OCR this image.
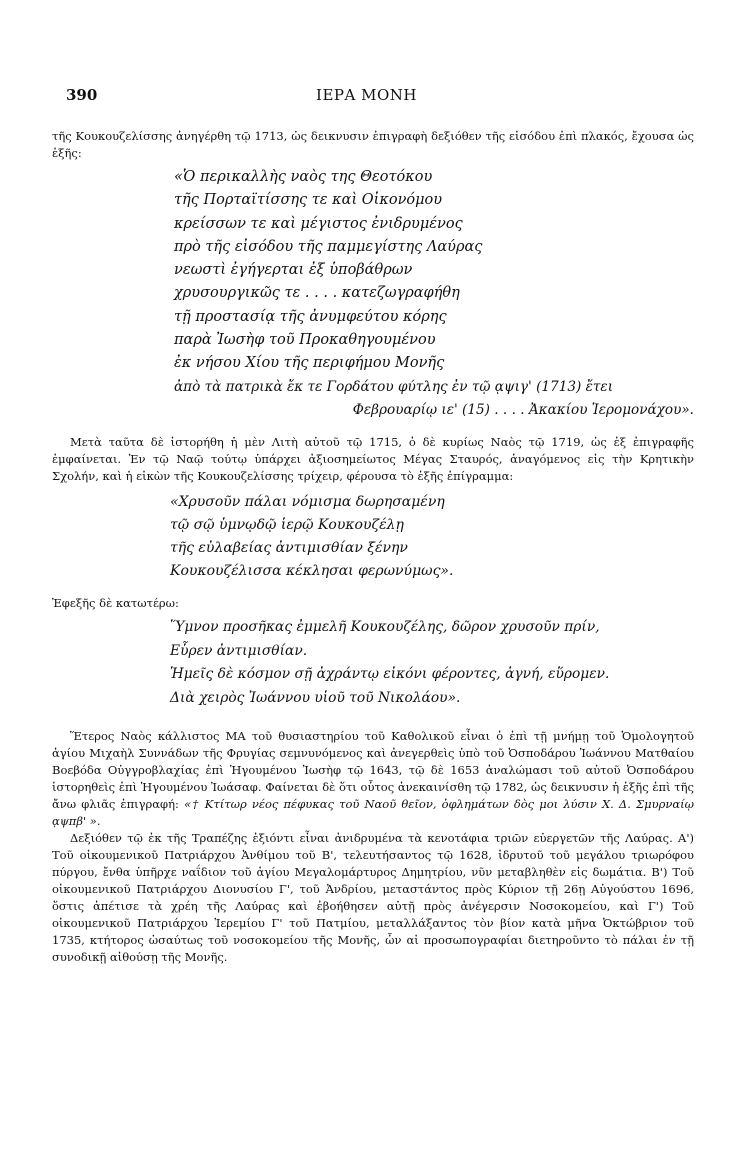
390	ΙΕΡΑ ΜΟΝΗ

τῆς Κουκουζελίσσης ἀνηγέρθη τῷ 1713, ὡς δεικνυσιν ἐπιγραφὴ δεξιόθεν τῆς εἰσόδου ἐπὶ πλακός, ἔχουσα ὡς ἑξῆς:

«Ὁ περικαλλὴς ναὸς της Θεοτόκου
τῆς Πορταϊτίσσης τε καὶ Οἰκονόμου
κρείσσων τε καὶ μέγιστος ἐνιδρυμένος
πρὸ τῆς εἰσόδου τῆς παμμεγίστης Λαύρας
νεωστὶ ἐγήγερται ἐξ ὑποβάθρων
χρυσουργικῶς τε . . . . κατεζωγραφήθη
τῇ προστασίᾳ τῆς ἀνυμφεύτου κόρης
παρὰ Ἰωσὴφ τοῦ Προκαθηγουμένου
ἐκ νήσου Χίου τῆς περιφήμου Μονῆς
ἀπὸ τὰ πατρικὰ ἔκ τε Γορδάτου φύτλης ἐν τῷ ᾳψιγ' (1713) ἔτει
Φεβρουαρίῳ ιε' (15) . . . . Ἀκακίου Ἱερομονάχου».

Μετὰ ταῦτα δὲ ἱστορήθη ἡ μὲν Λιτὴ αὐτοῦ τῷ 1715, ὁ δὲ κυρίως Ναὸς τῷ 1719, ὡς ἐξ ἐπιγραφῆς ἐμφαίνεται. Ἐν τῷ Ναῷ τούτῳ ὑπάρχει ἀξιοσημείωτος Μέγας Σταυρός, ἀναγόμενος εἰς τὴν Κρητικὴν Σχολήν, καὶ ἡ εἰκὼν τῆς Κουκουζελίσσης τρίχειρ, φέρουσα τὸ ἑξῆς ἐπίγραμμα:

«Χρυσοῦν πάλαι νόμισμα δωρησαμένη
τῷ σῷ ὑμνῳδῷ ἱερῷ Κουκουζέλῃ
τῆς εὐλαβείας ἀντιμισθίαν ξένην
Κουκουζέλισσα κέκλησαι φερωνύμως».

Ἐφεξῆς δὲ κατωτέρω:

Ὕμνον προσῆκας ἐμμελῆ Κουκουζέλης, δῶρον χρυσοῦν πρίν,
Εὗρεν ἀντιμισθίαν.
Ἡμεῖς δὲ κόσμον σῇ ἀχράντῳ εἰκόνι φέροντες, ἁγνή, εὕρομεν.
Διὰ χειρὸς Ἰωάννου υἱοῦ τοῦ Νικολάου».

Ἕτερος Ναὸς κάλλιστος ΜΑ τοῦ θυσιαστηρίου τοῦ Καθολικοῦ εἶναι ὁ ἐπὶ τῇ μνήμῃ τοῦ Ὁμολογητοῦ ἁγίου Μιχαὴλ Συννάδων τῆς Φρυγίας σεμνυνόμενος καὶ ἀνεγερθεὶς ὑπὸ τοῦ Ὀσποδάρου Ἰωάννου Ματθαίου Βοεβόδα Οὐγγροβλαχίας ἐπὶ Ἡγουμένου Ἰωσὴφ τῷ 1643, τῷ δὲ 1653 ἀναλώμασι τοῦ αὐτοῦ Ὀσποδάρου ἱστορηθεὶς ἐπὶ Ἡγουμένου Ἰωάσαφ. Φαίνεται δὲ ὅτι οὗτος ἀνεκαινίσθη τῷ 1782, ὡς δεικνυσιν ἡ ἑξῆς ἐπὶ τῆς ἄνω φλιᾶς ἐπιγραφή: «† Κτίτωρ νέος πέφυκας τοῦ Ναοῦ θεῖον, ὀφλημάτων δὸς μοι λύσιν Χ. Δ. Σμυρναίῳ ᾳψπβ' ».

Δεξιόθεν τῷ ἐκ τῆς Τραπέζης ἐξιόντι εἶναι ἀνιδρυμένα τὰ κενοτάφια τριῶν εὐεργετῶν τῆς Λαύρας. Α') Τοῦ οἰκουμενικοῦ Πατριάρχου Ἀνθίμου τοῦ Β', τελευτήσαντος τῷ 1628, ἱδρυτοῦ τοῦ μεγάλου τριωρόφου πύργου, ἔνθα ὑπῆρχε ναΐδιον τοῦ ἁγίου Μεγαλομάρτυρος Δημητρίου, νῦν μεταβληθὲν εἰς δωμάτια. Β') Τοῦ οἰκουμενικοῦ Πατριάρχου Διονυσίου Γ', τοῦ Ἀνδρίου, μεταστάντος πρὸς Κύριον τῇ 26ῃ Αὐγούστου 1696, ὅστις ἀπέτισε τὰ χρέη τῆς Λαύρας καὶ ἐβοήθησεν αὐτῇ πρὸς ἀνέγερσιν Νοσοκομείου, καὶ Γ') Τοῦ οἰκουμενικοῦ Πατριάρχου Ἱερεμίου Γ' τοῦ Πατμίου, μεταλλάξαντος τὸν βίον κατὰ μῆνα Ὀκτώβριον τοῦ 1735, κτήτορος ὡσαύτως τοῦ νοσοκομείου τῆς Μονῆς, ὧν αἱ προσωπογραφίαι διετηροῦντο τὸ πάλαι ἐν τῇ συνοδικῇ αἰθούσῃ τῆς Μονῆς.
